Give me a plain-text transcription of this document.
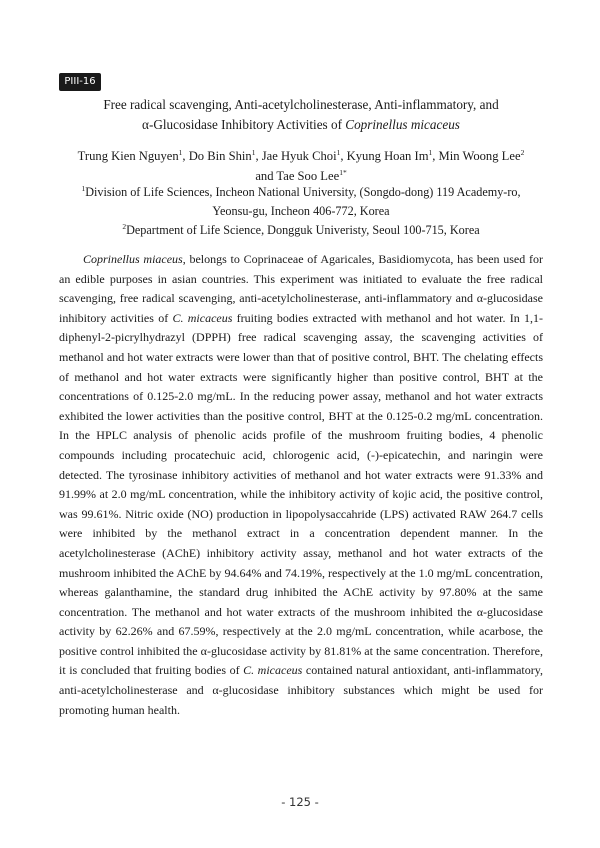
PIII-16
Free radical scavenging, Anti-acetylcholinesterase, Anti-inflammatory, and
α-Glucosidase Inhibitory Activities of Coprinellus micaceus
Trung Kien Nguyen$^1$, Do Bin Shin$^1$, Jae Hyuk Choi$^1$, Kyung Hoan Im$^1$, Min Woong Lee$^2$
and Tae Soo Lee$^{1*}$
$^1$Division of Life Sciences, Incheon National University, (Songdo-dong) 119 Academy-ro,
Yeonsu-gu, Incheon 406-772, Korea
$^2$Department of Life Science, Dongguk Univeristy, Seoul 100-715, Korea

Coprinellus miaceus, belongs to Coprinaceae of Agaricales, Basidiomycota, has been used for an edible purposes in asian countries. This experiment was initiated to evaluate the free radical scavenging, free radical scavenging, anti-acetylcholinesterase, anti-inflammatory and α-glucosidase inhibitory activities of C. micaceus fruiting bodies extracted with methanol and hot water. In 1,1-diphenyl-2-picrylhydrazyl (DPPH) free radical scavenging assay, the scavenging activities of methanol and hot water extracts were lower than that of positive control, BHT. The chelating effects of methanol and hot water extracts were significantly higher than positive control, BHT at the concentrations of 0.125-2.0 mg/mL. In the reducing power assay, methanol and hot water extracts exhibited the lower activities than the positive control, BHT at the 0.125-0.2 mg/mL concentration. In the HPLC analysis of phenolic acids profile of the mushroom fruiting bodies, 4 phenolic compounds including procatechuic acid, chlorogenic acid, (-)-epicatechin, and naringin were detected. The tyrosinase inhibitory activities of methanol and hot water extracts were 91.33% and 91.99% at 2.0 mg/mL concentration, while the inhibitory activity of kojic acid, the positive control, was 99.61%. Nitric oxide (NO) production in lipopolysaccahride (LPS) activated RAW 264.7 cells were inhibited by the methanol extract in a concentration dependent manner. In the acetylcholinesterase (AChE) inhibitory activity assay, methanol and hot water extracts of the mushroom inhibited the AChE by 94.64% and 74.19%, respectively at the 1.0 mg/mL concentration, whereas galanthamine, the standard drug inhibited the AChE activity by 97.80% at the same concentration. The methanol and hot water extracts of the mushroom inhibited the α-glucosidase activity by 62.26% and 67.59%, respectively at the 2.0 mg/mL concentration, while acarbose, the positive control inhibited the α-glucosidase activity by 81.81% at the same concentration. Therefore, it is concluded that fruiting bodies of C. micaceus contained natural antioxidant, anti-inflammatory, anti-acetylcholinesterase and α-glucosidase inhibitory substances which might be used for promoting human health.

- 125 -
